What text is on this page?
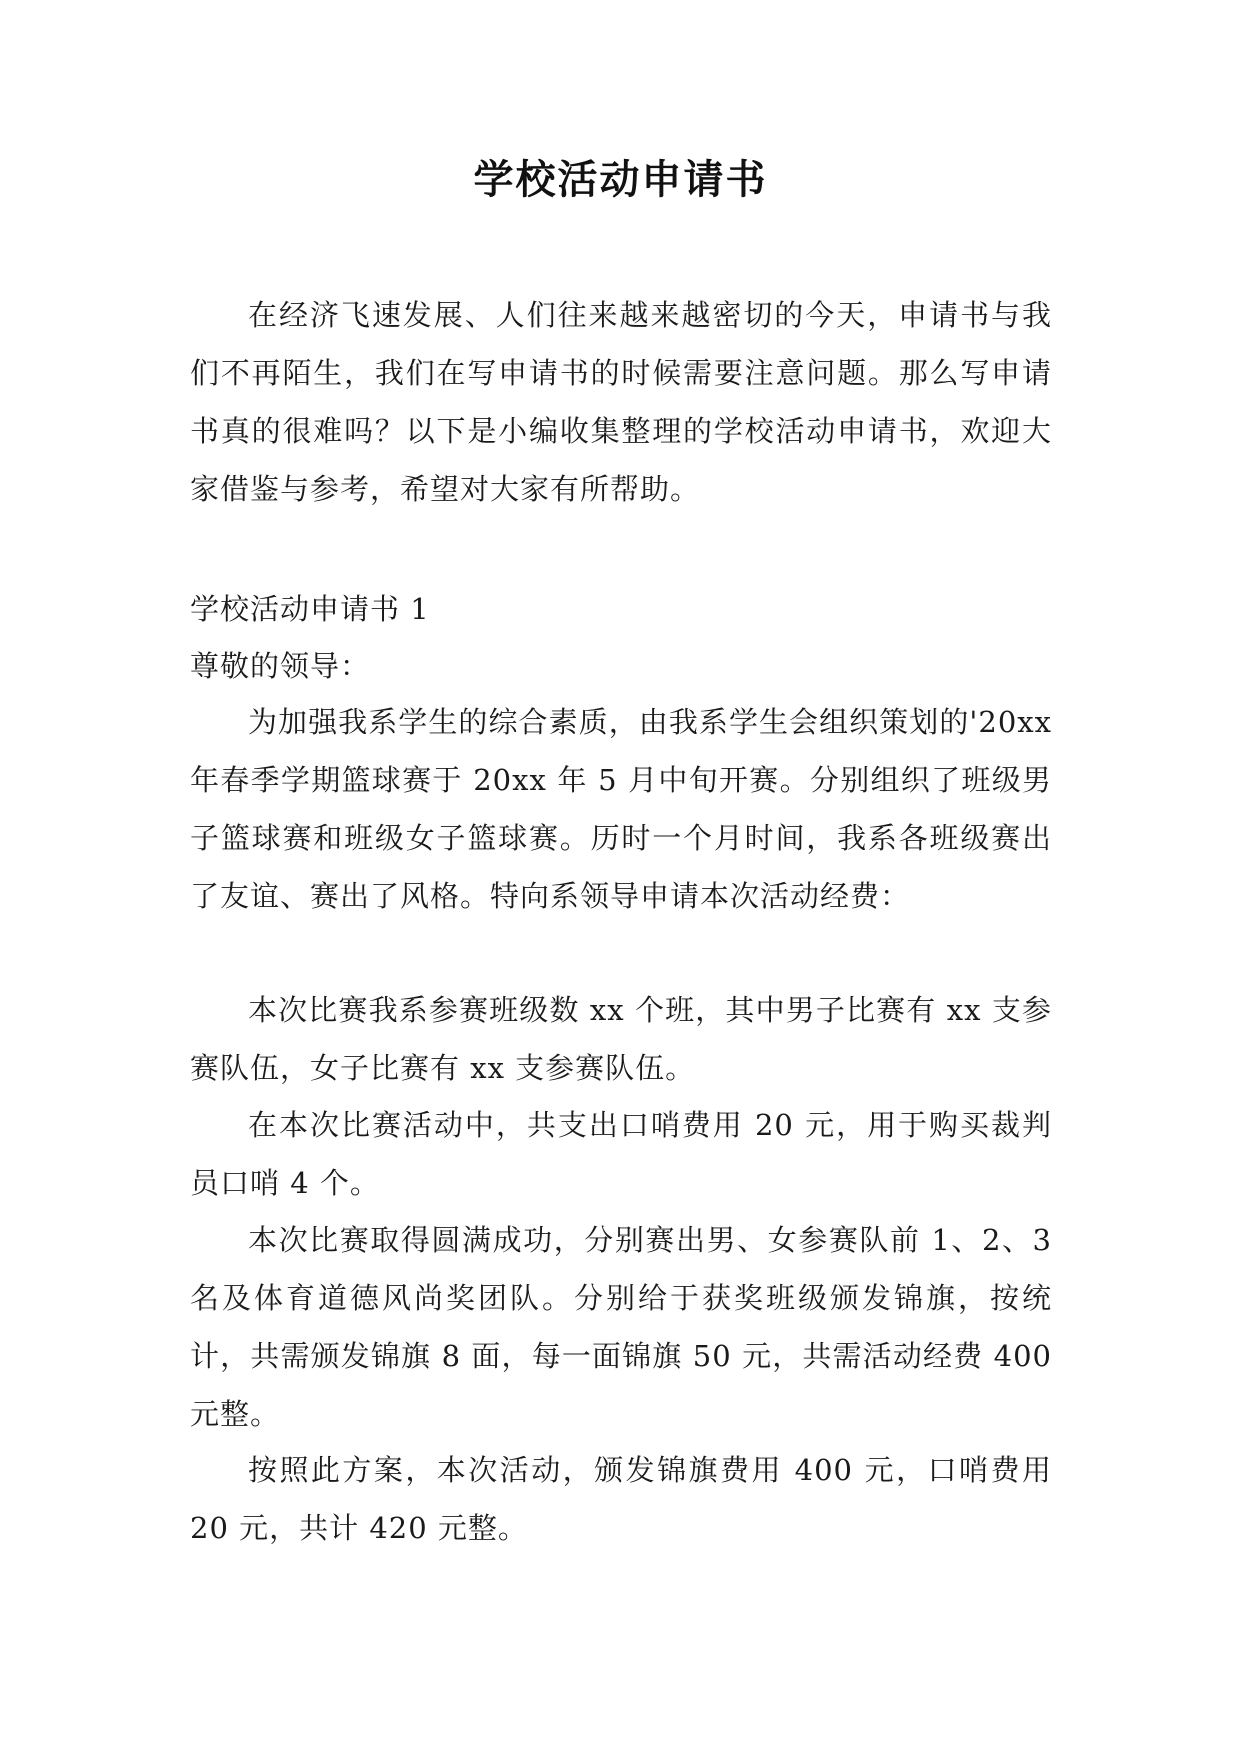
学校活动申请书

在经济飞速发展、人们往来越来越密切的今天，申请书与我们不再陌生，我们在写申请书的时候需要注意问题。那么写申请书真的很难吗？以下是小编收集整理的学校活动申请书，欢迎大家借鉴与参考，希望对大家有所帮助。

学校活动申请书 1

尊敬的领导：

为加强我系学生的综合素质，由我系学生会组织策划的'20xx 年春季学期篮球赛于 20xx 年 5 月中旬开赛。分别组织了班级男子篮球赛和班级女子篮球赛。历时一个月时间，我系各班级赛出了友谊、赛出了风格。特向系领导申请本次活动经费：

本次比赛我系参赛班级数 xx 个班，其中男子比赛有 xx 支参赛队伍，女子比赛有 xx 支参赛队伍。

在本次比赛活动中，共支出口哨费用 20 元，用于购买裁判员口哨 4 个。

本次比赛取得圆满成功，分别赛出男、女参赛队前 1、2、3 名及体育道德风尚奖团队。分别给于获奖班级颁发锦旗，按统计，共需颁发锦旗 8 面，每一面锦旗 50 元，共需活动经费 400 元整。

按照此方案，本次活动，颁发锦旗费用 400 元，口哨费用 20 元，共计 420 元整。
